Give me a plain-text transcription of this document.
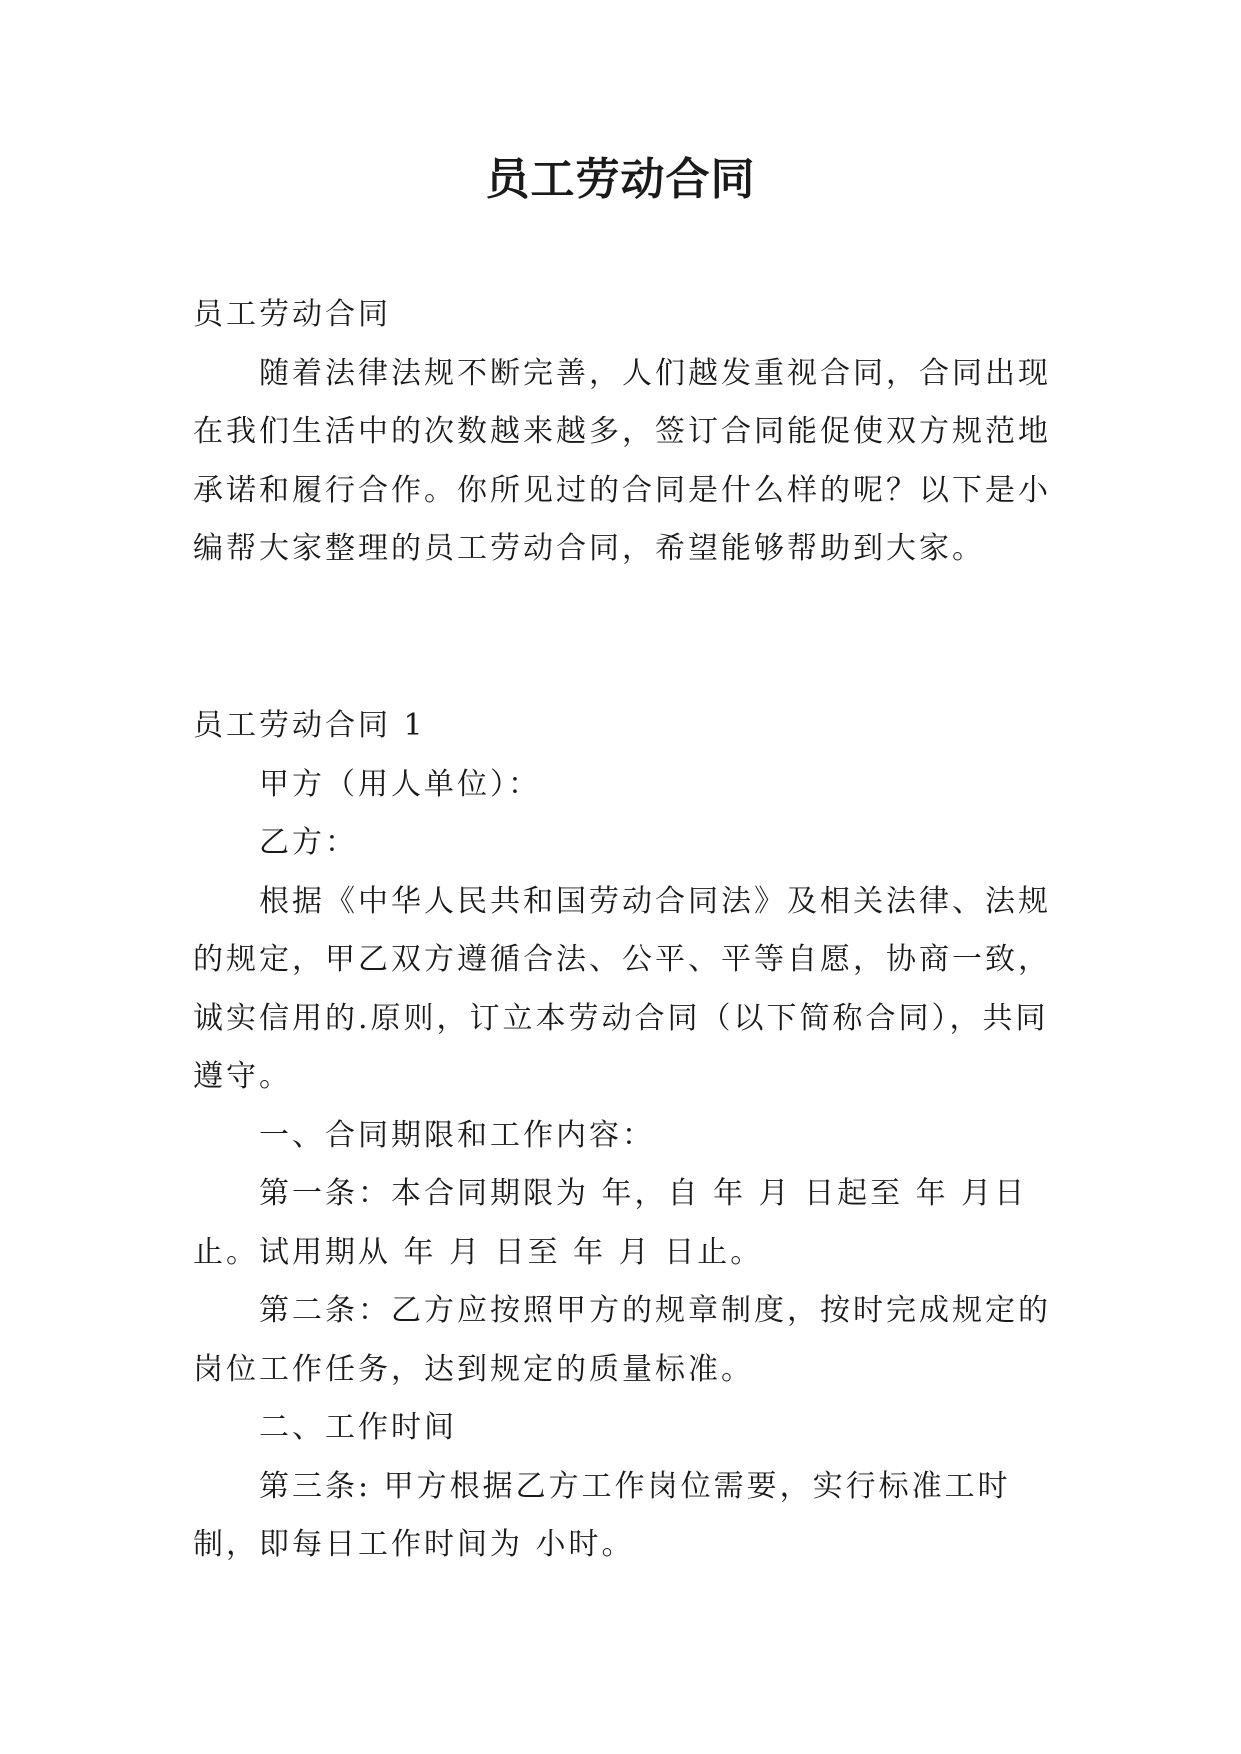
员工劳动合同

员工劳动合同

随着法律法规不断完善，人们越发重视合同，合同出现在我们生活中的次数越来越多，签订合同能促使双方规范地承诺和履行合作。你所见过的合同是什么样的呢？以下是小编帮大家整理的员工劳动合同，希望能够帮助到大家。

员工劳动合同 1

甲方（用人单位）：

乙方：

根据《中华人民共和国劳动合同法》及相关法律、法规的规定，甲乙双方遵循合法、公平、平等自愿，协商一致，诚实信用的.原则，订立本劳动合同（以下简称合同），共同遵守。

一、合同期限和工作内容：

第一条：本合同期限为 年，自 年 月 日起至 年 月日止。试用期从 年 月 日至 年 月 日止。

第二条：乙方应按照甲方的规章制度，按时完成规定的岗位工作任务，达到规定的质量标准。

二、工作时间

第三条: 甲方根据乙方工作岗位需要，实行标准工时制，即每日工作时间为 小时。
